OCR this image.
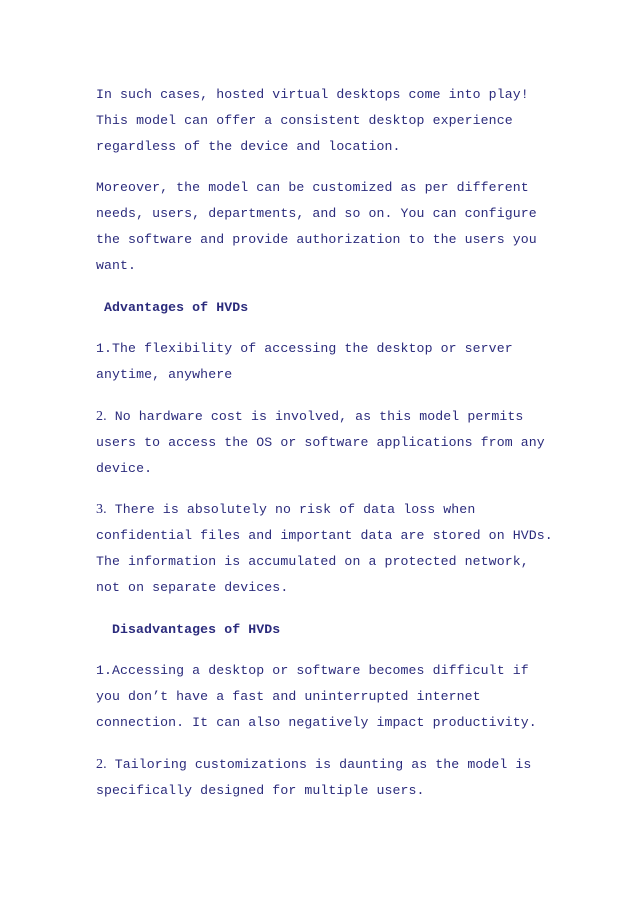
In such cases, hosted virtual desktops come into play! This model can offer a consistent desktop experience regardless of the device and location.

Moreover, the model can be customized as per different needs, users, departments, and so on. You can configure the software and provide authorization to the users you want.

Advantages of HVDs

1.The flexibility of accessing the desktop or server anytime, anywhere

2. No hardware cost is involved, as this model permits users to access the OS or software applications from any device.

3. There is absolutely no risk of data loss when confidential files and important data are stored on HVDs. The information is accumulated on a protected network, not on separate devices.

Disadvantages of HVDs

1.Accessing a desktop or software becomes difficult if you don’t have a fast and uninterrupted internet connection. It can also negatively impact productivity.

2. Tailoring customizations is daunting as the model is specifically designed for multiple users.
